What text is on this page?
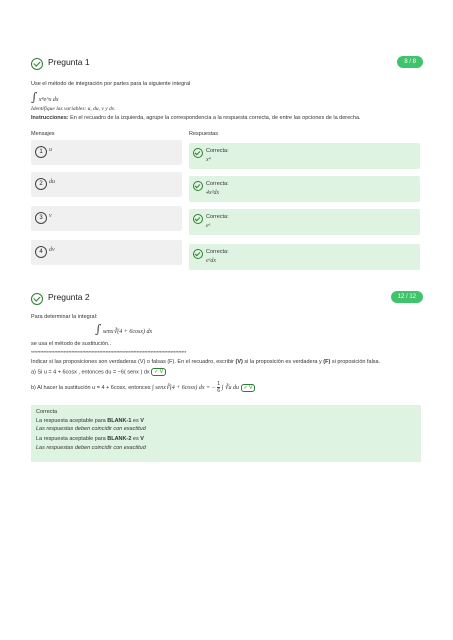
Pregunta 1	8 / 8
Use el método de integración por partes para la siguiente integral
∫ x⁴e^x dx
Identifique las variables: u, du, v y dv.
Instrucciones: En el recuadro de la izquierda, agrupe la correspondencia a la respuesta correcta, de entre las opciones de la derecha.
Mensajes	Respuestas
1	u	Correcta:
x⁴
2	du	Correcta:
4x³dx
3	v	Correcta:
eˣ
4	dv	Correcta:
eˣdx
Pregunta 2	12 / 12
Para determinar la integral:
∫ senx∛(4 + 6cosx) dx
se usa el método de sustitución..
****************************************************************************************************
Indicar si las proposiciones son verdaderas (V) o falsas (F). En el recuadro, escribir (V) si la proposición es verdadera y (F) si proposición falsa.
a) Si u = 4 + 6cosx , entonces du = −6( senx ) dx ✓ V
b) Al hacer la sustitución u = 4 + 6cosx, entonces ∫ senx∛(4 + 6cosx) dx = − $\frac{1}{6}$ ∫ ∛u du ✓ V
Correcta
La respuesta aceptable para BLANK-1 es V
Las respuestas deben coincidir con exactitud
La respuesta aceptable para BLANK-2 es V
Las respuestas deben coincidir con exactitud
